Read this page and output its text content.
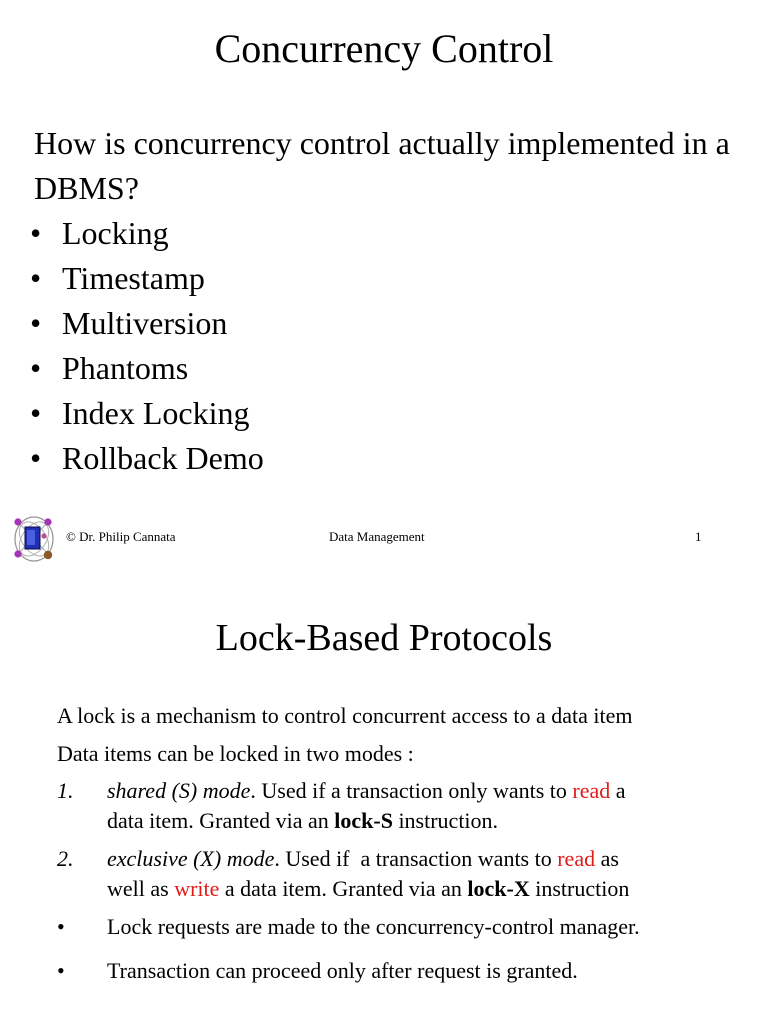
Concurrency Control
How is concurrency control actually implemented in a DBMS?
• Locking
• Timestamp
• Multiversion
• Phantoms
• Index Locking
• Rollback Demo
© Dr. Philip Cannata	Data Management	1
Lock-Based Protocols
A lock is a mechanism to control concurrent access to a data item
Data items can be locked in two modes :
1. shared (S) mode. Used if a transaction only wants to read a
data item. Granted via an lock-S instruction.
2. exclusive (X) mode. Used if  a transaction wants to read as
well as write a data item. Granted via an lock-X instruction
• Lock requests are made to the concurrency-control manager.
• Transaction can proceed only after request is granted.
